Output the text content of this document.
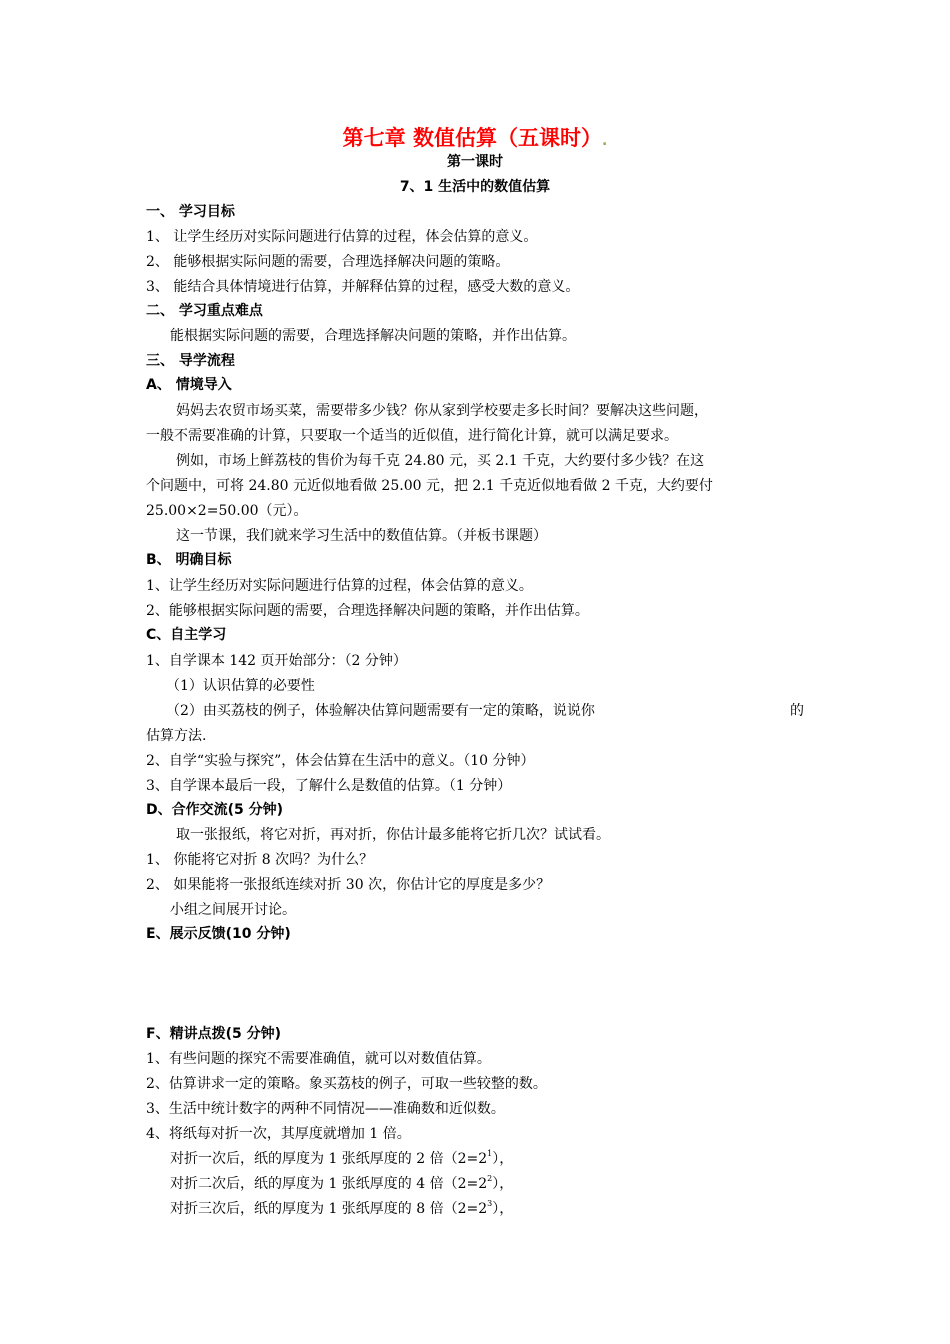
第七章 数值估算（五课时）.
第一课时
7、1 生活中的数值估算
一、 学习目标
1、 让学生经历对实际问题进行估算的过程，体会估算的意义。
2、 能够根据实际问题的需要，合理选择解决问题的策略。
3、 能结合具体情境进行估算，并解释估算的过程，感受大数的意义。
二、 学习重点难点
能根据实际问题的需要，合理选择解决问题的策略，并作出估算。
三、 导学流程
A、 情境导入
妈妈去农贸市场买菜，需要带多少钱？你从家到学校要走多长时间？要解决这些问题，
一般不需要准确的计算，只要取一个适当的近似值，进行简化计算，就可以满足要求。
例如，市场上鲜荔枝的售价为每千克 24.80 元，买 2.1 千克，大约要付多少钱？在这
个问题中，可将 24.80 元近似地看做 25.00 元，把 2.1 千克近似地看做 2 千克，大约要付
25.00×2=50.00（元）。
这一节课，我们就来学习生活中的数值估算。（并板书课题）
B、 明确目标
1、让学生经历对实际问题进行估算的过程，体会估算的意义。
2、能够根据实际问题的需要，合理选择解决问题的策略，并作出估算。
C、自主学习
1、自学课本 142 页开始部分：（2 分钟）
（1）认识估算的必要性
（2）由买荔枝的例子，体验解决估算问题需要有一定的策略，说说你	的
估算方法.
2、自学“实验与探究”，体会估算在生活中的意义。（10 分钟）
3、自学课本最后一段，了解什么是数值的估算。（1 分钟）
D、合作交流(5 分钟)
取一张报纸，将它对折，再对折，你估计最多能将它折几次？试试看。
1、 你能将它对折 8 次吗？为什么？
2、 如果能将一张报纸连续对折 30 次，你估计它的厚度是多少？
小组之间展开讨论。
E、展示反馈(10 分钟)
F、精讲点拨(5 分钟)
1、有些问题的探究不需要准确值，就可以对数值估算。
2、估算讲求一定的策略。象买荔枝的例子，可取一些较整的数。
3、生活中统计数字的两种不同情况——准确数和近似数。
4、将纸每对折一次，其厚度就增加 1 倍。
对折一次后，纸的厚度为 1 张纸厚度的 2 倍$(2=2^1)$，
对折二次后，纸的厚度为 1 张纸厚度的 4 倍$(2=2^2)$，
对折三次后，纸的厚度为 1 张纸厚度的 8 倍$(2=2^3)$，
